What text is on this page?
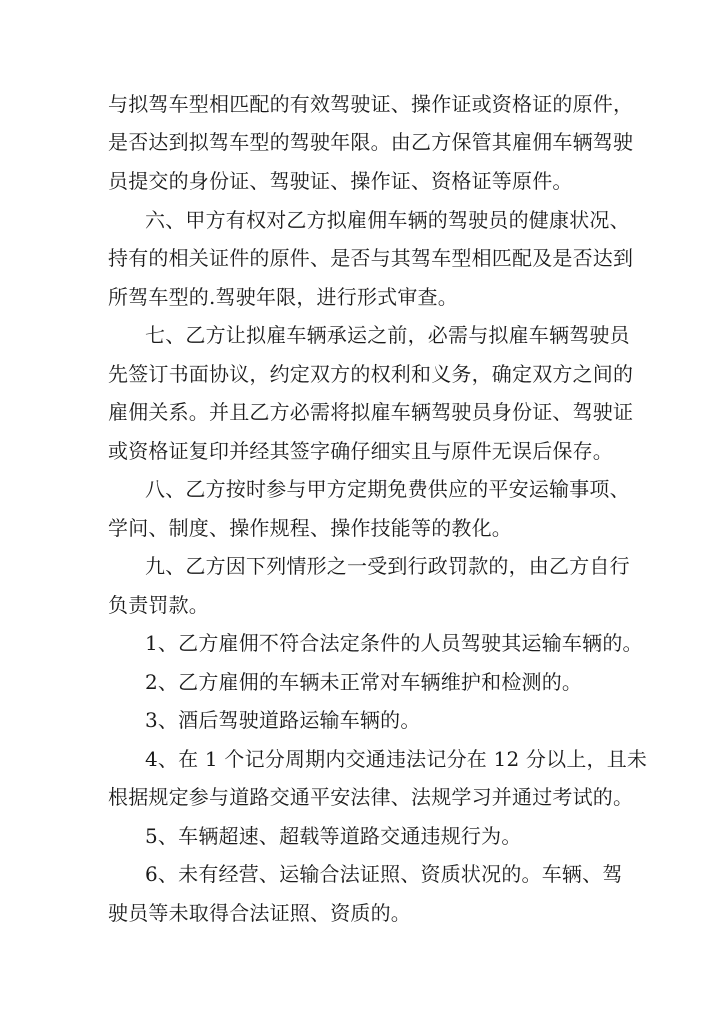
与拟驾车型相匹配的有效驾驶证、操作证或资格证的原件，
是否达到拟驾车型的驾驶年限。由乙方保管其雇佣车辆驾驶
员提交的身份证、驾驶证、操作证、资格证等原件。
六、甲方有权对乙方拟雇佣车辆的驾驶员的健康状况、
持有的相关证件的原件、是否与其驾车型相匹配及是否达到
所驾车型的.驾驶年限，进行形式审查。
七、乙方让拟雇车辆承运之前，必需与拟雇车辆驾驶员
先签订书面协议，约定双方的权利和义务，确定双方之间的
雇佣关系。并且乙方必需将拟雇车辆驾驶员身份证、驾驶证
或资格证复印并经其签字确仔细实且与原件无误后保存。
八、乙方按时参与甲方定期免费供应的平安运输事项、
学问、制度、操作规程、操作技能等的教化。
九、乙方因下列情形之一受到行政罚款的，由乙方自行
负责罚款。
1、乙方雇佣不符合法定条件的人员驾驶其运输车辆的。
2、乙方雇佣的车辆未正常对车辆维护和检测的。
3、酒后驾驶道路运输车辆的。
4、在 1 个记分周期内交通违法记分在 12 分以上，且未
根据规定参与道路交通平安法律、法规学习并通过考试的。
5、车辆超速、超载等道路交通违规行为。
6、未有经营、运输合法证照、资质状况的。车辆、驾
驶员等未取得合法证照、资质的。
